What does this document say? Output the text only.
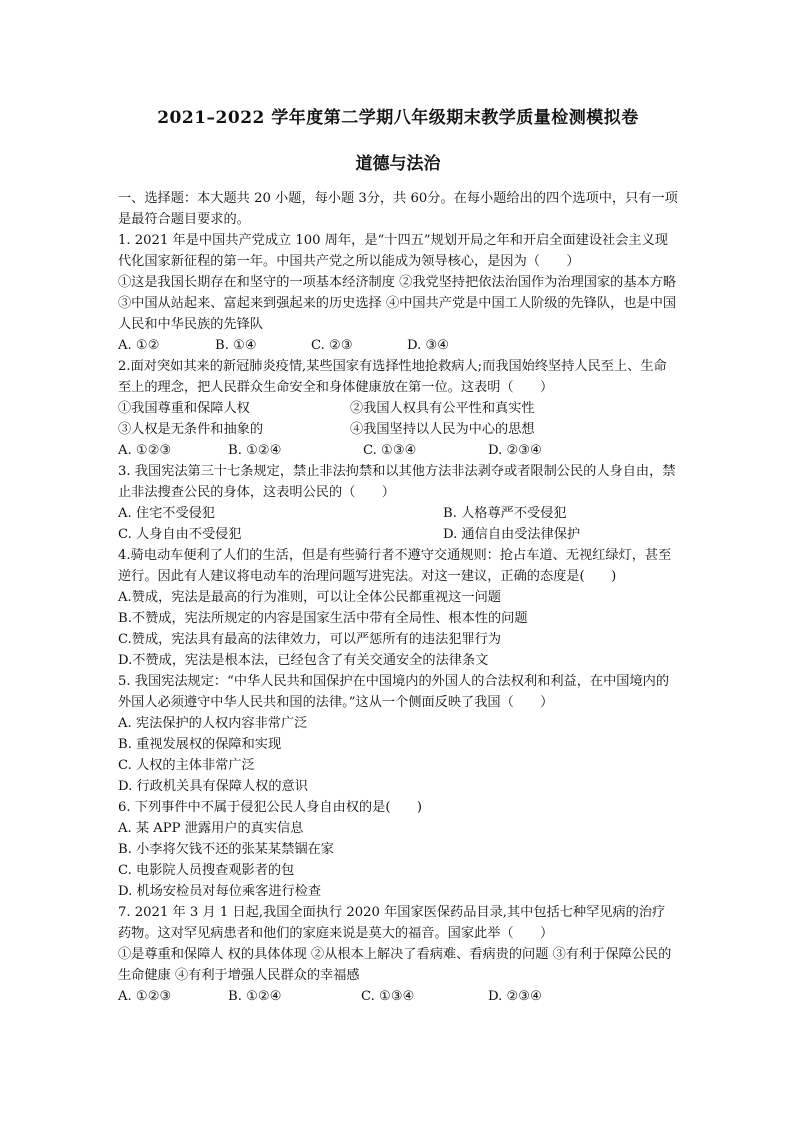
2021–2022 学年度第二学期八年级期末教学质量检测模拟卷
道德与法治

一、选择题：本大题共 20 小题，每小题 3分，共 60分。在每小题给出的四个选项中，只有一项是最符合题目要求的。

1. 2021 年是中国共产党成立 100 周年，是“十四五”规划开局之年和开启全面建设社会主义现代化国家新征程的第一年。中国共产党之所以能成为领导核心，是因为（　　）

①这是我国长期存在和坚守的一项基本经济制度 ②我党坚持把依法治国作为治理国家的基本方略 ③中国从站起来、富起来到强起来的历史选择 ④中国共产党是中国工人阶级的先锋队，也是中国人民和中华民族的先锋队

A. ①②	B. ①④	C. ②③	D. ③④

2.面对突如其来的新冠肺炎疫情,某些国家有选择性地抢救病人;而我国始终坚持人民至上、生命至上的理念，把人民群众生命安全和身体健康放在第一位。这表明（　　）

①我国尊重和保障人权	②我国人权具有公平性和真实性
③人权是无条件和抽象的	④我国坚持以人民为中心的思想
A. ①②③	B. ①②④	C. ①③④	D. ②③④

3. 我国宪法第三十七条规定，禁止非法拘禁和以其他方法非法剥夺或者限制公民的人身自由，禁止非法搜查公民的身体，这表明公民的（　　）

A. 住宅不受侵犯	B. 人格尊严不受侵犯
C. 人身自由不受侵犯	D. 通信自由受法律保护

4.骑电动车便利了人们的生活，但是有些骑行者不遵守交通规则：抢占车道、无视红绿灯，甚至逆行。因此有人建议将电动车的治理问题写进宪法。对这一建议，正确的态度是(　　)

A.赞成，宪法是最高的行为准则，可以让全体公民都重视这一问题

B.不赞成，宪法所规定的内容是国家生活中带有全局性、根本性的问题

C.赞成，宪法具有最高的法律效力，可以严惩所有的违法犯罪行为

D.不赞成，宪法是根本法，已经包含了有关交通安全的法律条文

5. 我国宪法规定：“中华人民共和国保护在中国境内的外国人的合法权利和利益，在中国境内的外国人必须遵守中华人民共和国的法律。”这从一个侧面反映了我国（　　）

A. 宪法保护的人权内容非常广泛

B. 重视发展权的保障和实现

C. 人权的主体非常广泛

D. 行政机关具有保障人权的意识

6. 下列事件中不属于侵犯公民人身自由权的是(　　)

A. 某 APP 泄露用户的真实信息

B. 小李将欠钱不还的张某某禁锢在家

C. 电影院人员搜查观影者的包

D. 机场安检员对每位乘客进行检查

7. 2021 年 3 月 1 日起,我国全面执行 2020 年国家医保药品目录,其中包括七种罕见病的治疗药物。这对罕见病患者和他们的家庭来说是莫大的福音。国家此举（　　）

①是尊重和保障人 权的具体体现 ②从根本上解决了看病难、看病贵的问题 ③有利于保障公民的生命健康 ④有利于增强人民群众的幸福感

A. ①②③	B. ①②④	C. ①③④	D. ②③④
